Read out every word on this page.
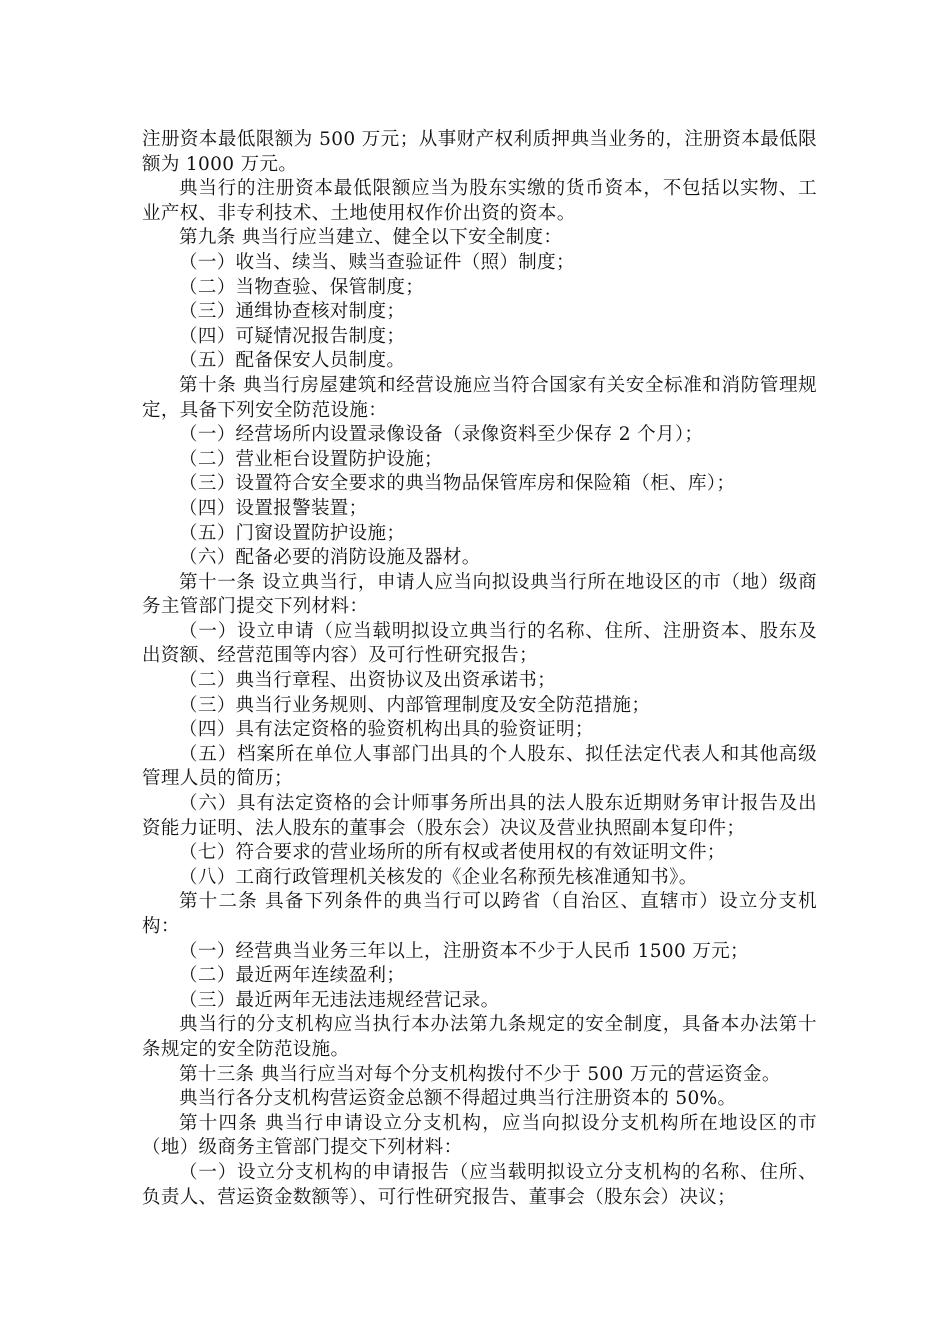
注册资本最低限额为 500 万元；从事财产权利质押典当业务的，注册资本最低限额为 1000 万元。

典当行的注册资本最低限额应当为股东实缴的货币资本，不包括以实物、工业产权、非专利技术、土地使用权作价出资的资本。

第九条 典当行应当建立、健全以下安全制度：

（一）收当、续当、赎当查验证件（照）制度；

（二）当物查验、保管制度；

（三）通缉协查核对制度；

（四）可疑情况报告制度；

（五）配备保安人员制度。

第十条 典当行房屋建筑和经营设施应当符合国家有关安全标准和消防管理规定，具备下列安全防范设施：

（一）经营场所内设置录像设备（录像资料至少保存 2 个月）；

（二）营业柜台设置防护设施；

（三）设置符合安全要求的典当物品保管库房和保险箱（柜、库）；

（四）设置报警装置；

（五）门窗设置防护设施；

（六）配备必要的消防设施及器材。

第十一条 设立典当行，申请人应当向拟设典当行所在地设区的市（地）级商务主管部门提交下列材料：

（一）设立申请（应当载明拟设立典当行的名称、住所、注册资本、股东及出资额、经营范围等内容）及可行性研究报告；

（二）典当行章程、出资协议及出资承诺书；

（三）典当行业务规则、内部管理制度及安全防范措施；

（四）具有法定资格的验资机构出具的验资证明；

（五）档案所在单位人事部门出具的个人股东、拟任法定代表人和其他高级管理人员的简历；

（六）具有法定资格的会计师事务所出具的法人股东近期财务审计报告及出资能力证明、法人股东的董事会（股东会）决议及营业执照副本复印件；

（七）符合要求的营业场所的所有权或者使用权的有效证明文件；

（八）工商行政管理机关核发的《企业名称预先核准通知书》。

第十二条 具备下列条件的典当行可以跨省（自治区、直辖市）设立分支机构：

（一）经营典当业务三年以上，注册资本不少于人民币 1500 万元；

（二）最近两年连续盈利；

（三）最近两年无违法违规经营记录。

典当行的分支机构应当执行本办法第九条规定的安全制度，具备本办法第十条规定的安全防范设施。

第十三条 典当行应当对每个分支机构拨付不少于 500 万元的营运资金。

典当行各分支机构营运资金总额不得超过典当行注册资本的 50%。

第十四条 典当行申请设立分支机构，应当向拟设分支机构所在地设区的市（地）级商务主管部门提交下列材料：

（一）设立分支机构的申请报告（应当载明拟设立分支机构的名称、住所、负责人、营运资金数额等）、可行性研究报告、董事会（股东会）决议；
